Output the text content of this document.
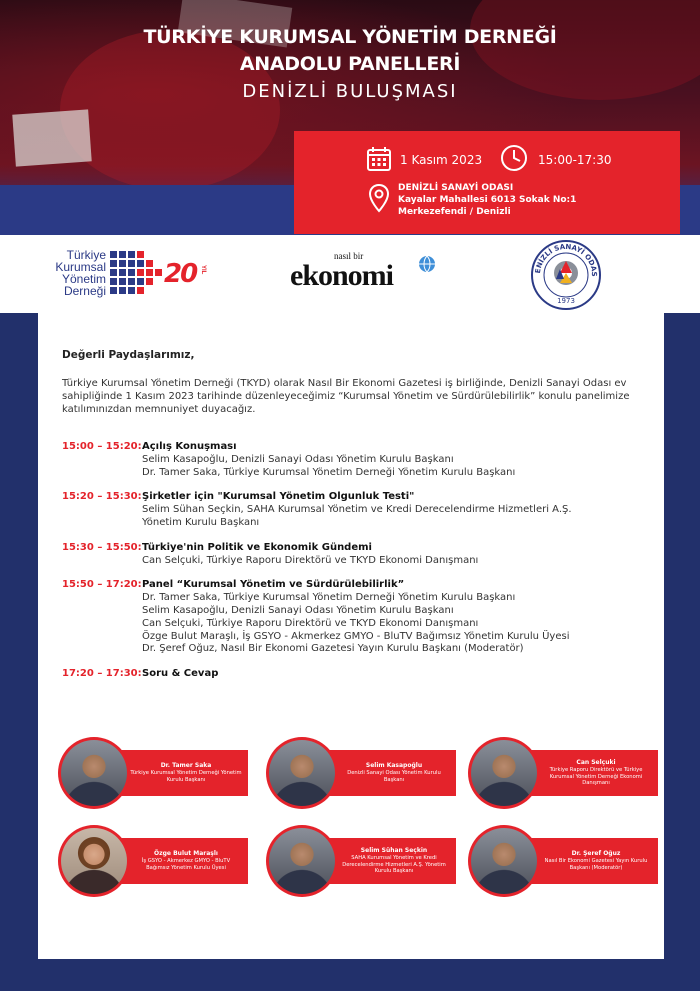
TÜRKİYE KURUMSAL YÖNETİM DERNEĞİ
ANADOLU PANELLERİ
DENİZLİ BULUŞMASI
1 Kasım 2023	15:00-17:30
DENİZLİ SANAYİ ODASI
Kayalar Mahallesi 6013 Sokak No:1
Merkezefendi / Denizli
Türkiye
Kurumsal
Yönetim
Derneği
20 YIL
nasıl bir
ekonomi	ENİZLİ SANAYİ ODAS
1973
Değerli Paydaşlarımız,
Türkiye Kurumsal Yönetim Derneği (TKYD) olarak Nasıl Bir Ekonomi Gazetesi iş birliğinde, Denizli Sanayi Odası ev sahipliğinde 1 Kasım 2023 tarihinde düzenleyeceğimiz “Kurumsal Yönetim ve Sürdürülebilirlik” konulu panelimize katılımınızdan memnuniyet duyacağız.
15:00 – 15:20: Açılış Konuşması
Selim Kasapoğlu, Denizli Sanayi Odası Yönetim Kurulu Başkanı
Dr. Tamer Saka, Türkiye Kurumsal Yönetim Derneği Yönetim Kurulu Başkanı
15:20 – 15:30: Şirketler için "Kurumsal Yönetim Olgunluk Testi"
Selim Sühan Seçkin, SAHA Kurumsal Yönetim ve Kredi Derecelendirme Hizmetleri A.Ş.
Yönetim Kurulu Başkanı
15:30 – 15:50: Türkiye'nin Politik ve Ekonomik Gündemi
Can Selçuki, Türkiye Raporu Direktörü ve TKYD Ekonomi Danışmanı
15:50 – 17:20: Panel “Kurumsal Yönetim ve Sürdürülebilirlik”
Dr. Tamer Saka, Türkiye Kurumsal Yönetim Derneği Yönetim Kurulu Başkanı
Selim Kasapoğlu, Denizli Sanayi Odası Yönetim Kurulu Başkanı
Can Selçuki, Türkiye Raporu Direktörü ve TKYD Ekonomi Danışmanı
Özge Bulut Maraşlı, İş GSYO - Akmerkez GMYO - BluTV Bağımsız Yönetim Kurulu Üyesi
Dr. Şeref Oğuz, Nasıl Bir Ekonomi Gazetesi Yayın Kurulu Başkanı (Moderatör)
17:20 – 17:30: Soru & Cevap
Dr. Tamer Saka
Türkiye Kurumsal Yönetim Derneği Yönetim Kurulu Başkanı
Selim Kasapoğlu
Denizli Sanayi Odası Yönetim Kurulu Başkanı
Can Selçuki
Türkiye Raporu Direktörü ve Türkiye Kurumsal Yönetim Derneği Ekonomi Danışmanı
Özge Bulut Maraşlı
İş GSYO - Akmerkez GMYO - BluTV Bağımsız Yönetim Kurulu Üyesi
Selim Sühan Seçkin
SAHA Kurumsal Yönetim ve Kredi Derecelendirme Hizmetleri A.Ş. Yönetim Kurulu Başkanı
Dr. Şeref Oğuz
Nasıl Bir Ekonomi Gazetesi Yayın Kurulu Başkanı (Moderatör)
